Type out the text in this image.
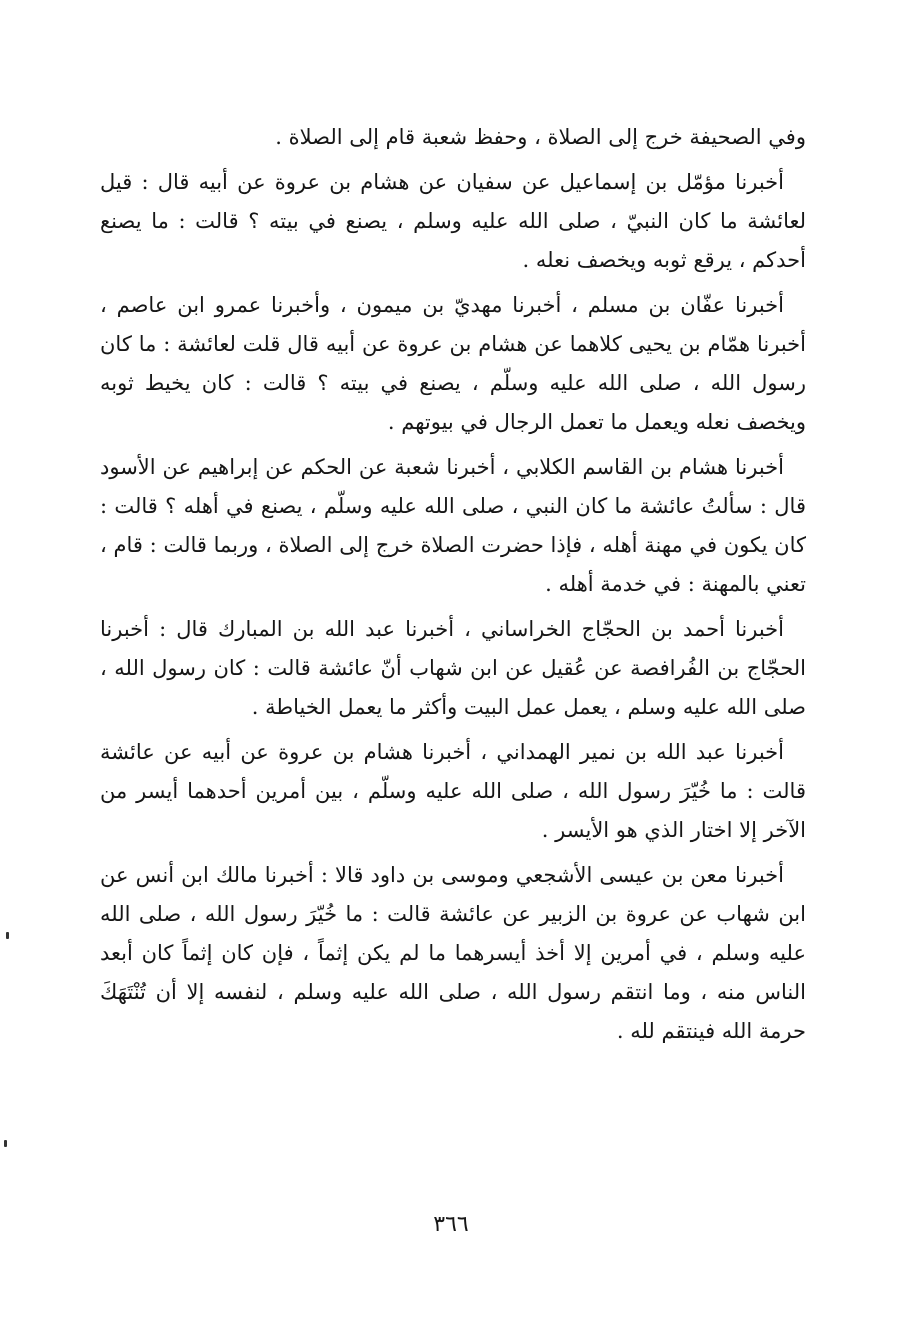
وفي الصحيفة خرج إلى الصلاة ، وحفظ شعبة قام إلى الصلاة .

أخبرنا مؤمّل بن إسماعيل عن سفيان عن هشام بن عروة عن أبيه قال : قيل لعائشة ما كان النبيّ ، صلى الله عليه وسلم ، يصنع في بيته ؟ قالت : ما يصنع أحدكم ، يرقع ثوبه ويخصف نعله .

أخبرنا عفّان بن مسلم ، أخبرنا مهديّ بن ميمون ، وأخبرنا عمرو ابن عاصم ، أخبرنا همّام بن يحيى كلاهما عن هشام بن عروة عن أبيه قال قلت لعائشة : ما كان رسول الله ، صلى الله عليه وسلّم ، يصنع في بيته ؟ قالت : كان يخيط ثوبه ويخصف نعله ويعمل ما تعمل الرجال في بيوتهم .

أخبرنا هشام بن القاسم الكلابي ، أخبرنا شعبة عن الحكم عن إبراهيم عن الأسود قال : سألتُ عائشة ما كان النبي ، صلى الله عليه وسلّم ، يصنع في أهله ؟ قالت : كان يكون في مهنة أهله ، فإذا حضرت الصلاة خرج إلى الصلاة ، وربما قالت : قام ، تعني بالمهنة : في خدمة أهله .

أخبرنا أحمد بن الحجّاج الخراساني ، أخبرنا عبد الله بن المبارك قال : أخبرنا الحجّاج بن الفُرافصة عن عُقيل عن ابن شهاب أنّ عائشة قالت : كان رسول الله ، صلى الله عليه وسلم ، يعمل عمل البيت وأكثر ما يعمل الخياطة .

أخبرنا عبد الله بن نمير الهمداني ، أخبرنا هشام بن عروة عن أبيه عن عائشة قالت : ما خُيّرَ رسول الله ، صلى الله عليه وسلّم ، بين أمرين أحدهما أيسر من الآخر إلا اختار الذي هو الأيسر .

أخبرنا معن بن عيسى الأشجعي وموسى بن داود قالا : أخبرنا مالك ابن أنس عن ابن شهاب عن عروة بن الزبير عن عائشة قالت : ما خُيّرَ رسول الله ، صلى الله عليه وسلم ، في أمرين إلا أخذ أيسرهما ما لم يكن إثماً ، فإن كان إثماً كان أبعد الناس منه ، وما انتقم رسول الله ، صلى الله عليه وسلم ، لنفسه إلا أن تُنْتَهَكَ حرمة الله فينتقم لله .

٣٦٦
